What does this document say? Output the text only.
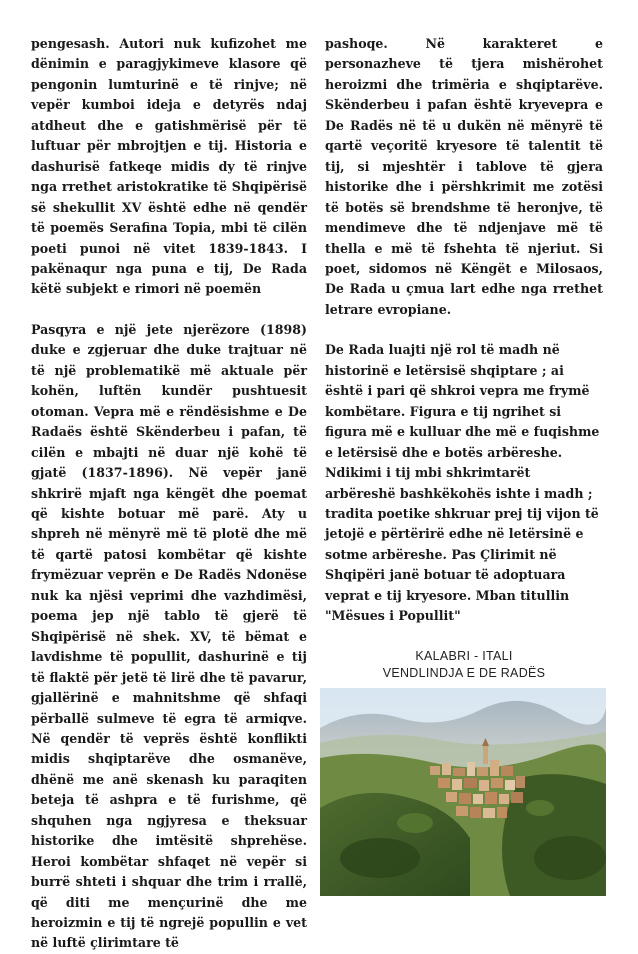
pengesash. Autori nuk kufizohet me dënimin e paragjykimeve klasore që pengonin lumturinë e të rinjve; në vepër kumboi ideja e detyrës ndaj atdheut dhe e gatishmërisë për të luftuar për mbrojtjen e tij. Historia e dashurisë fatkeqe midis dy të rinjve nga rrethet aristokratike të Shqipërisë së shekullit XV është edhe në qendër të poemës Serafina Topia, mbi të cilën poeti punoi në vitet 1839-1843. I pakënaqur nga puna e tij, De Rada këtë subjekt e rimori në poemën

Pasqyra e një jete njerëzore (1898) duke e zgjeruar dhe duke trajtuar në të një problematikë më aktuale për kohën, luftën kundër pushtuesit otoman. Vepra më e rëndësishme e De Radaës është Skënderbeu i pafan, të cilën e mbajti në duar një kohë të gjatë (1837-1896). Në vepër janë shkrirë mjaft nga këngët dhe poemat që kishte botuar më parë. Aty u shpreh në mënyrë më të plotë dhe më të qartë patosi kombëtar që kishte frymëzuar veprën e De Radës Ndonëse nuk ka njësi veprimi dhe vazhdimësi, poema jep një tablo të gjerë të Shqipërisë në shek. XV, të bëmat e lavdishme të popullit, dashurinë e tij të flaktë për jetë të lirë dhe të pavarur, gjallërinë e mahnitshme që shfaqi përballë sulmeve të egra të armiqve. Në qendër të veprës është konflikti midis shqiptarëve dhe osmanëve, dhënë me anë skenash ku paraqiten beteja të ashpra e të furishme, që shquhen nga ngjyresa e theksuar historike dhe imtësitë shprehëse. Heroi kombëtar shfaqet në vepër si burrë shteti i shquar dhe trim i rrallë, që diti me mençurinë dhe me heroizmin e tij të ngrejë popullin e vet në luftë çlirimtare të

pashoqe. Në karakteret e personazheve të tjera mishërohet heroizmi dhe trimëria e shqiptarëve. Skënderbeu i pafan është kryevepra e De Radës në të u dukën në mënyrë të qartë veçoritë kryesore të talentit të tij, si mjeshtër i tablove të gjera historike dhe i përshkrimit me zotësi të botës së brendshme të heronjve, të mendimeve dhe të ndjenjave më të thella e më të fshehta të njeriut. Si poet, sidomos në Këngët e Milosaos, De Rada u çmua lart edhe nga rrethet letrare evropiane.

De Rada luajti një rol të madh në historinë e letërsisë shqiptare ; ai është i pari që shkroi vepra me frymë kombëtare. Figura e tij ngrihet si figura më e kulluar dhe më e fuqishme e letërsisë dhe e botës arbëreshe. Ndikimi i tij mbi shkrimtarët arbëreshë bashkëkohës ishte i madh ; tradita poetike shkruar prej tij vijon të jetojë e përtërirë edhe në letërsinë e sotme arbëreshe. Pas Çlirimit në Shqipëri janë botuar të adoptuara veprat e tij kryesore. Mban titullin "Mësues i Popullit"

KALABRI - ITALI
VENDLINDJA E DE RADËS
